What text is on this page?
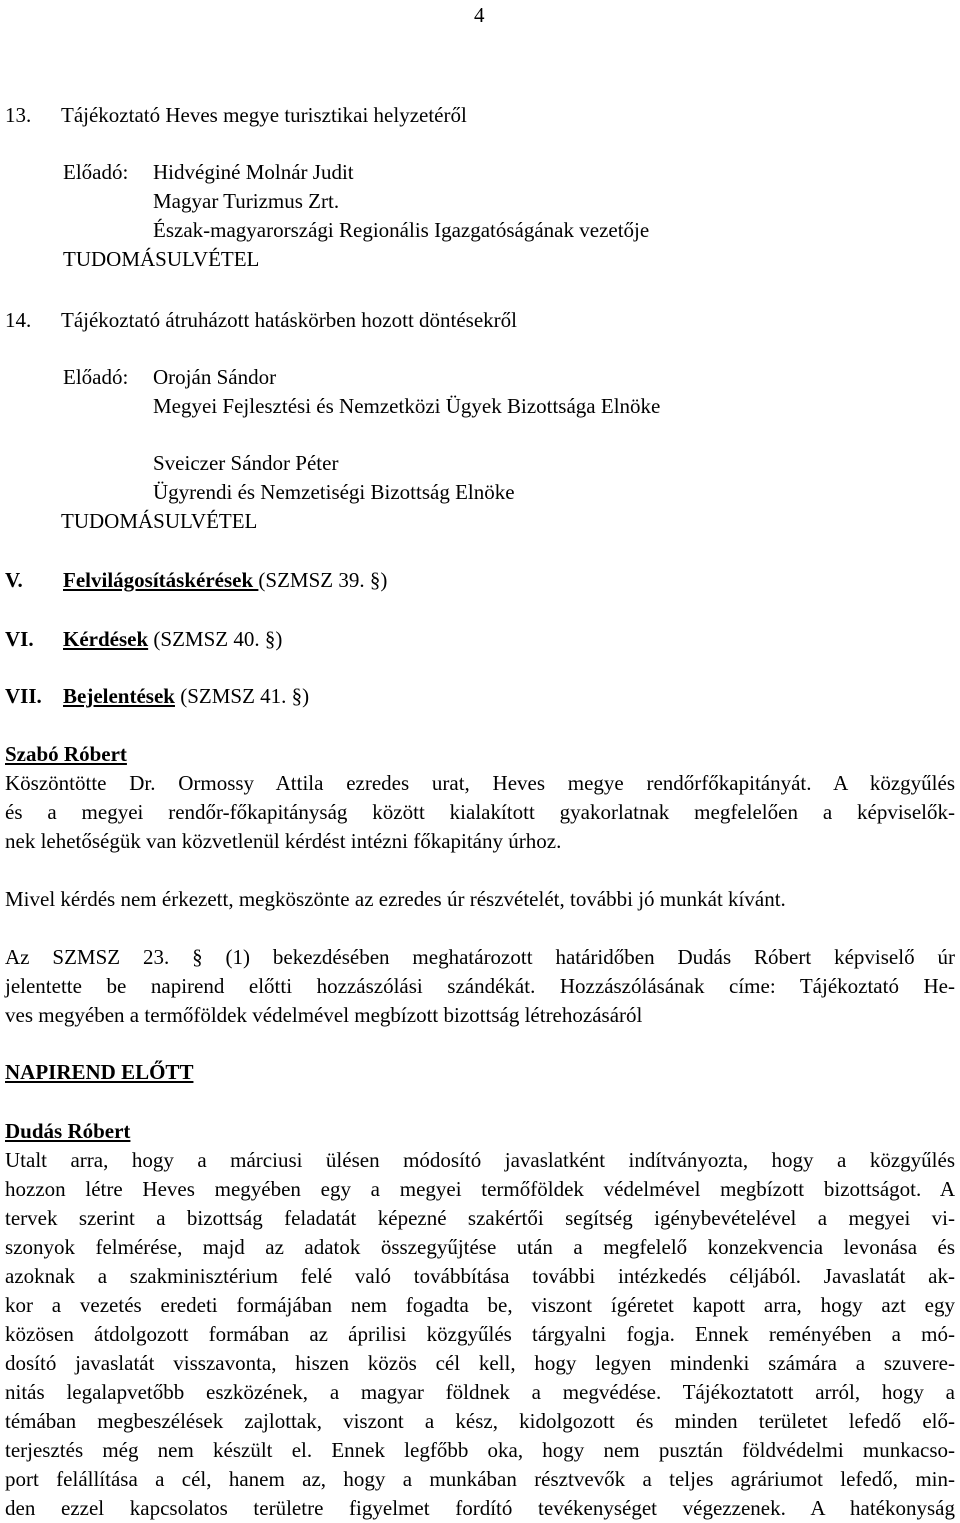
4
13. Tájékoztató Heves megye turisztikai helyzetéről
Előadó: Hidvéginé Molnár Judit
Magyar Turizmus Zrt.
Észak-magyarországi Regionális Igazgatóságának vezetője
TUDOMÁSULVÉTEL
14. Tájékoztató átruházott hatáskörben hozott döntésekről
Előadó: Oroján Sándor
Megyei Fejlesztési és Nemzetközi Ügyek Bizottsága Elnöke
Sveiczer Sándor Péter
Ügyrendi és Nemzetiségi Bizottság Elnöke
TUDOMÁSULVÉTEL
V. Felvilágosításkérések (SZMSZ 39. §)
VI. Kérdések (SZMSZ 40. §)
VII. Bejelentések (SZMSZ 41. §)
Szabó Róbert
Köszöntötte Dr. Ormossy Attila ezredes urat, Heves megye rendőrfőkapitányát. A közgyűlés
és a megyei rendőr-főkapitányság között kialakított gyakorlatnak megfelelően a képviselők-
nek lehetőségük van közvetlenül kérdést intézni főkapitány úrhoz.
Mivel kérdés nem érkezett, megköszönte az ezredes úr részvételét, további jó munkát kívánt.
Az SZMSZ 23. § (1) bekezdésében meghatározott határidőben Dudás Róbert képviselő úr
jelentette be napirend előtti hozzászólási szándékát. Hozzászólásának címe: Tájékoztató He-
ves megyében a termőföldek védelmével megbízott bizottság létrehozásáról
NAPIREND ELŐTT
Dudás Róbert
Utalt arra, hogy a márciusi ülésen módosító javaslatként indítványozta, hogy a közgyűlés
hozzon létre Heves megyében egy a megyei termőföldek védelmével megbízott bizottságot. A
tervek szerint a bizottság feladatát képezné szakértői segítség igénybevételével a megyei vi-
szonyok felmérése, majd az adatok összegyűjtése után a megfelelő konzekvencia levonása és
azoknak a szakminisztérium felé való továbbítása további intézkedés céljából. Javaslatát ak-
kor a vezetés eredeti formájában nem fogadta be, viszont ígéretet kapott arra, hogy azt egy
közösen átdolgozott formában az áprilisi közgyűlés tárgyalni fogja. Ennek reményében a mó-
dosító javaslatát visszavonta, hiszen közös cél kell, hogy legyen mindenki számára a szuvere-
nitás legalapvetőbb eszközének, a magyar földnek a megvédése. Tájékoztatott arról, hogy a
témában megbeszélések zajlottak, viszont a kész, kidolgozott és minden területet lefedő elő-
terjesztés még nem készült el. Ennek legfőbb oka, hogy nem pusztán földvédelmi munkacso-
port felállítása a cél, hanem az, hogy a munkában résztvevők a teljes agráriumot lefedő, min-
den ezzel kapcsolatos területre figyelmet fordító tevékenységet végezzenek. A hatékonyság
